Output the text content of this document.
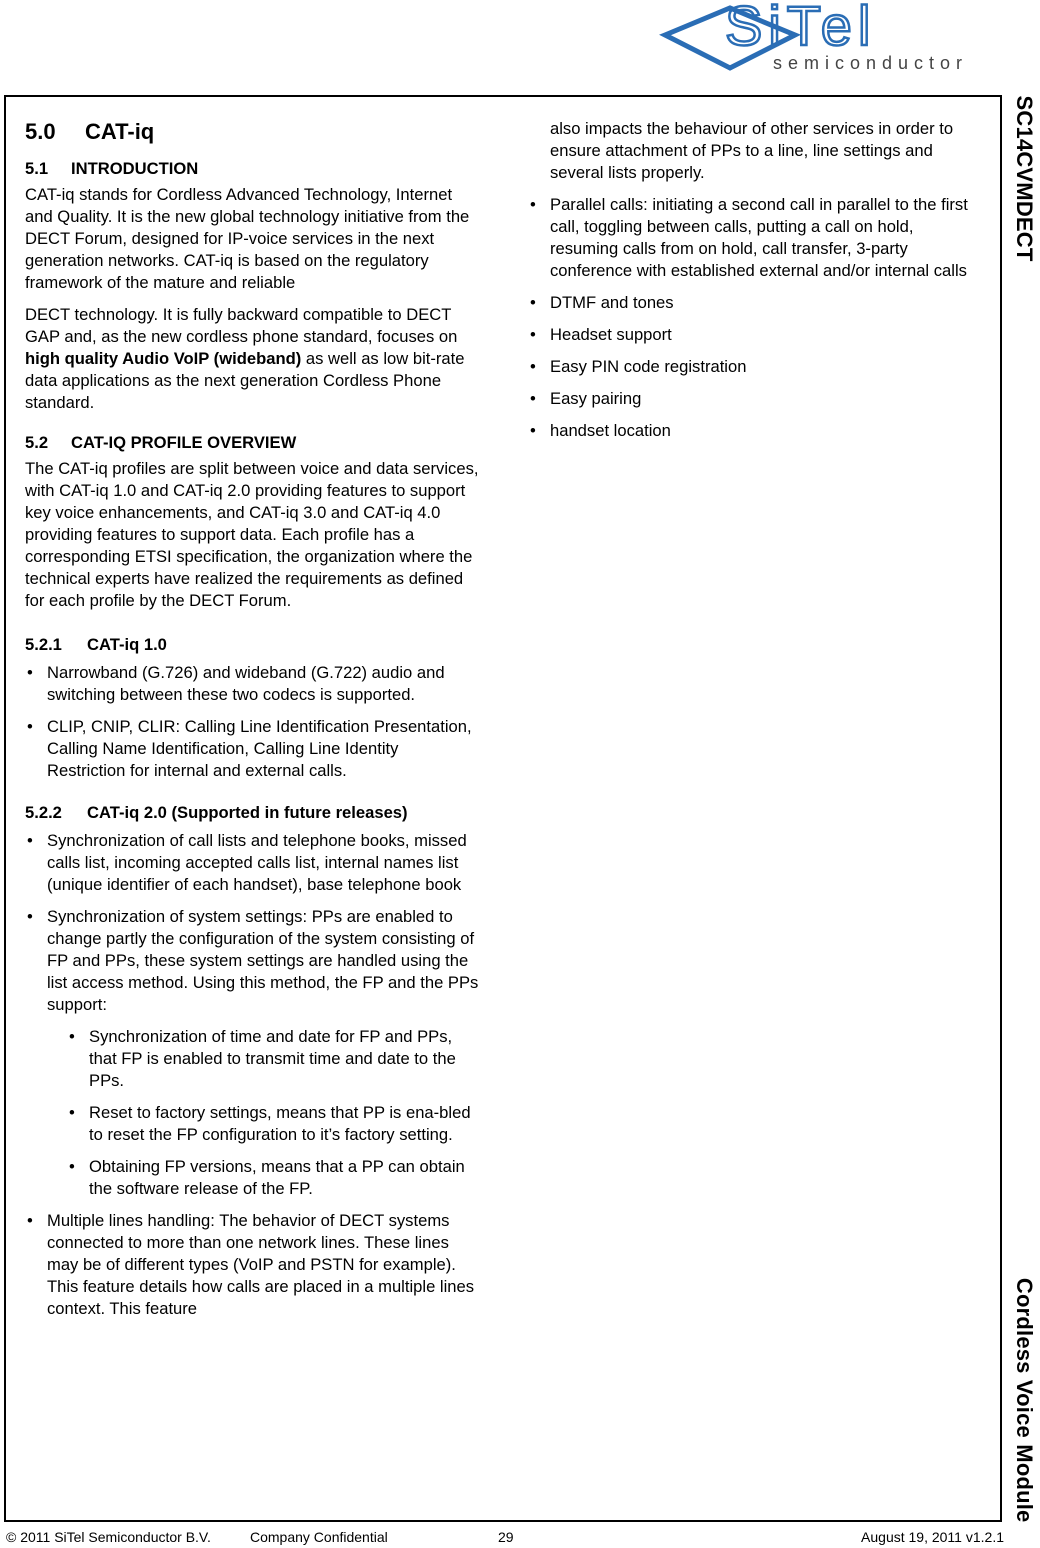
SiTel
semiconductor
SC14CVMDECT
Cordless Voice Module
5.0 CAT-iq
5.1 INTRODUCTION

CAT-iq stands for Cordless Advanced Technology, Internet and Quality. It is the new global technology initiative from the DECT Forum, designed for IP-voice services in the next generation networks. CAT-iq is based on the regulatory framework of the mature and reliable

DECT technology. It is fully backward compatible to DECT GAP and, as the new cordless phone standard, focuses on high quality Audio VoIP (wideband) as well as low bit-rate data applications as the next generation Cordless Phone standard.

5.2 CAT-IQ PROFILE OVERVIEW

The CAT-iq profiles are split between voice and data services, with CAT-iq 1.0 and CAT-iq 2.0 providing features to support key voice enhancements, and CAT-iq 3.0 and CAT-iq 4.0 providing features to support data. Each profile has a corresponding ETSI specification, the organization where the technical experts have realized the requirements as defined for each profile by the DECT Forum.

5.2.1 CAT-iq 1.0
• Narrowband (G.726) and wideband (G.722) audio and switching between these two codecs is supported.
• CLIP, CNIP, CLIR: Calling Line Identification Presentation, Calling Name Identification, Calling Line Identity Restriction for internal and external calls.
5.2.2 CAT-iq 2.0 (Supported in future releases)
• Synchronization of call lists and telephone books, missed calls list, incoming accepted calls list, internal names list (unique identifier of each handset), base telephone book
• Synchronization of system settings: PPs are enabled to change partly the configuration of the system consisting of FP and PPs, these system settings are handled using the list access method. Using this method, the FP and the PPs support:
• Synchronization of time and date for FP and PPs, that FP is enabled to transmit time and date to the PPs.
• Reset to factory settings, means that PP is ena-bled to reset the FP configuration to it’s factory setting.
• Obtaining FP versions, means that a PP can obtain the software release of the FP.
• Multiple lines handling: The behavior of DECT systems connected to more than one network lines. These lines may be of different types (VoIP and PSTN for example). This feature details how calls are placed in a multiple lines context. This feature

also impacts the behaviour of other services in order to ensure attachment of PPs to a line, line settings and several lists properly.

• Parallel calls: initiating a second call in parallel to the first call, toggling between calls, putting a call on hold, resuming calls from on hold, call transfer, 3-party conference with established external and/or internal calls
• DTMF and tones
• Headset support
• Easy PIN code registration
• Easy pairing
• handset location
© 2011 SiTel Semiconductor B.V.	Company Confidential	29	August 19, 2011 v1.2.1
